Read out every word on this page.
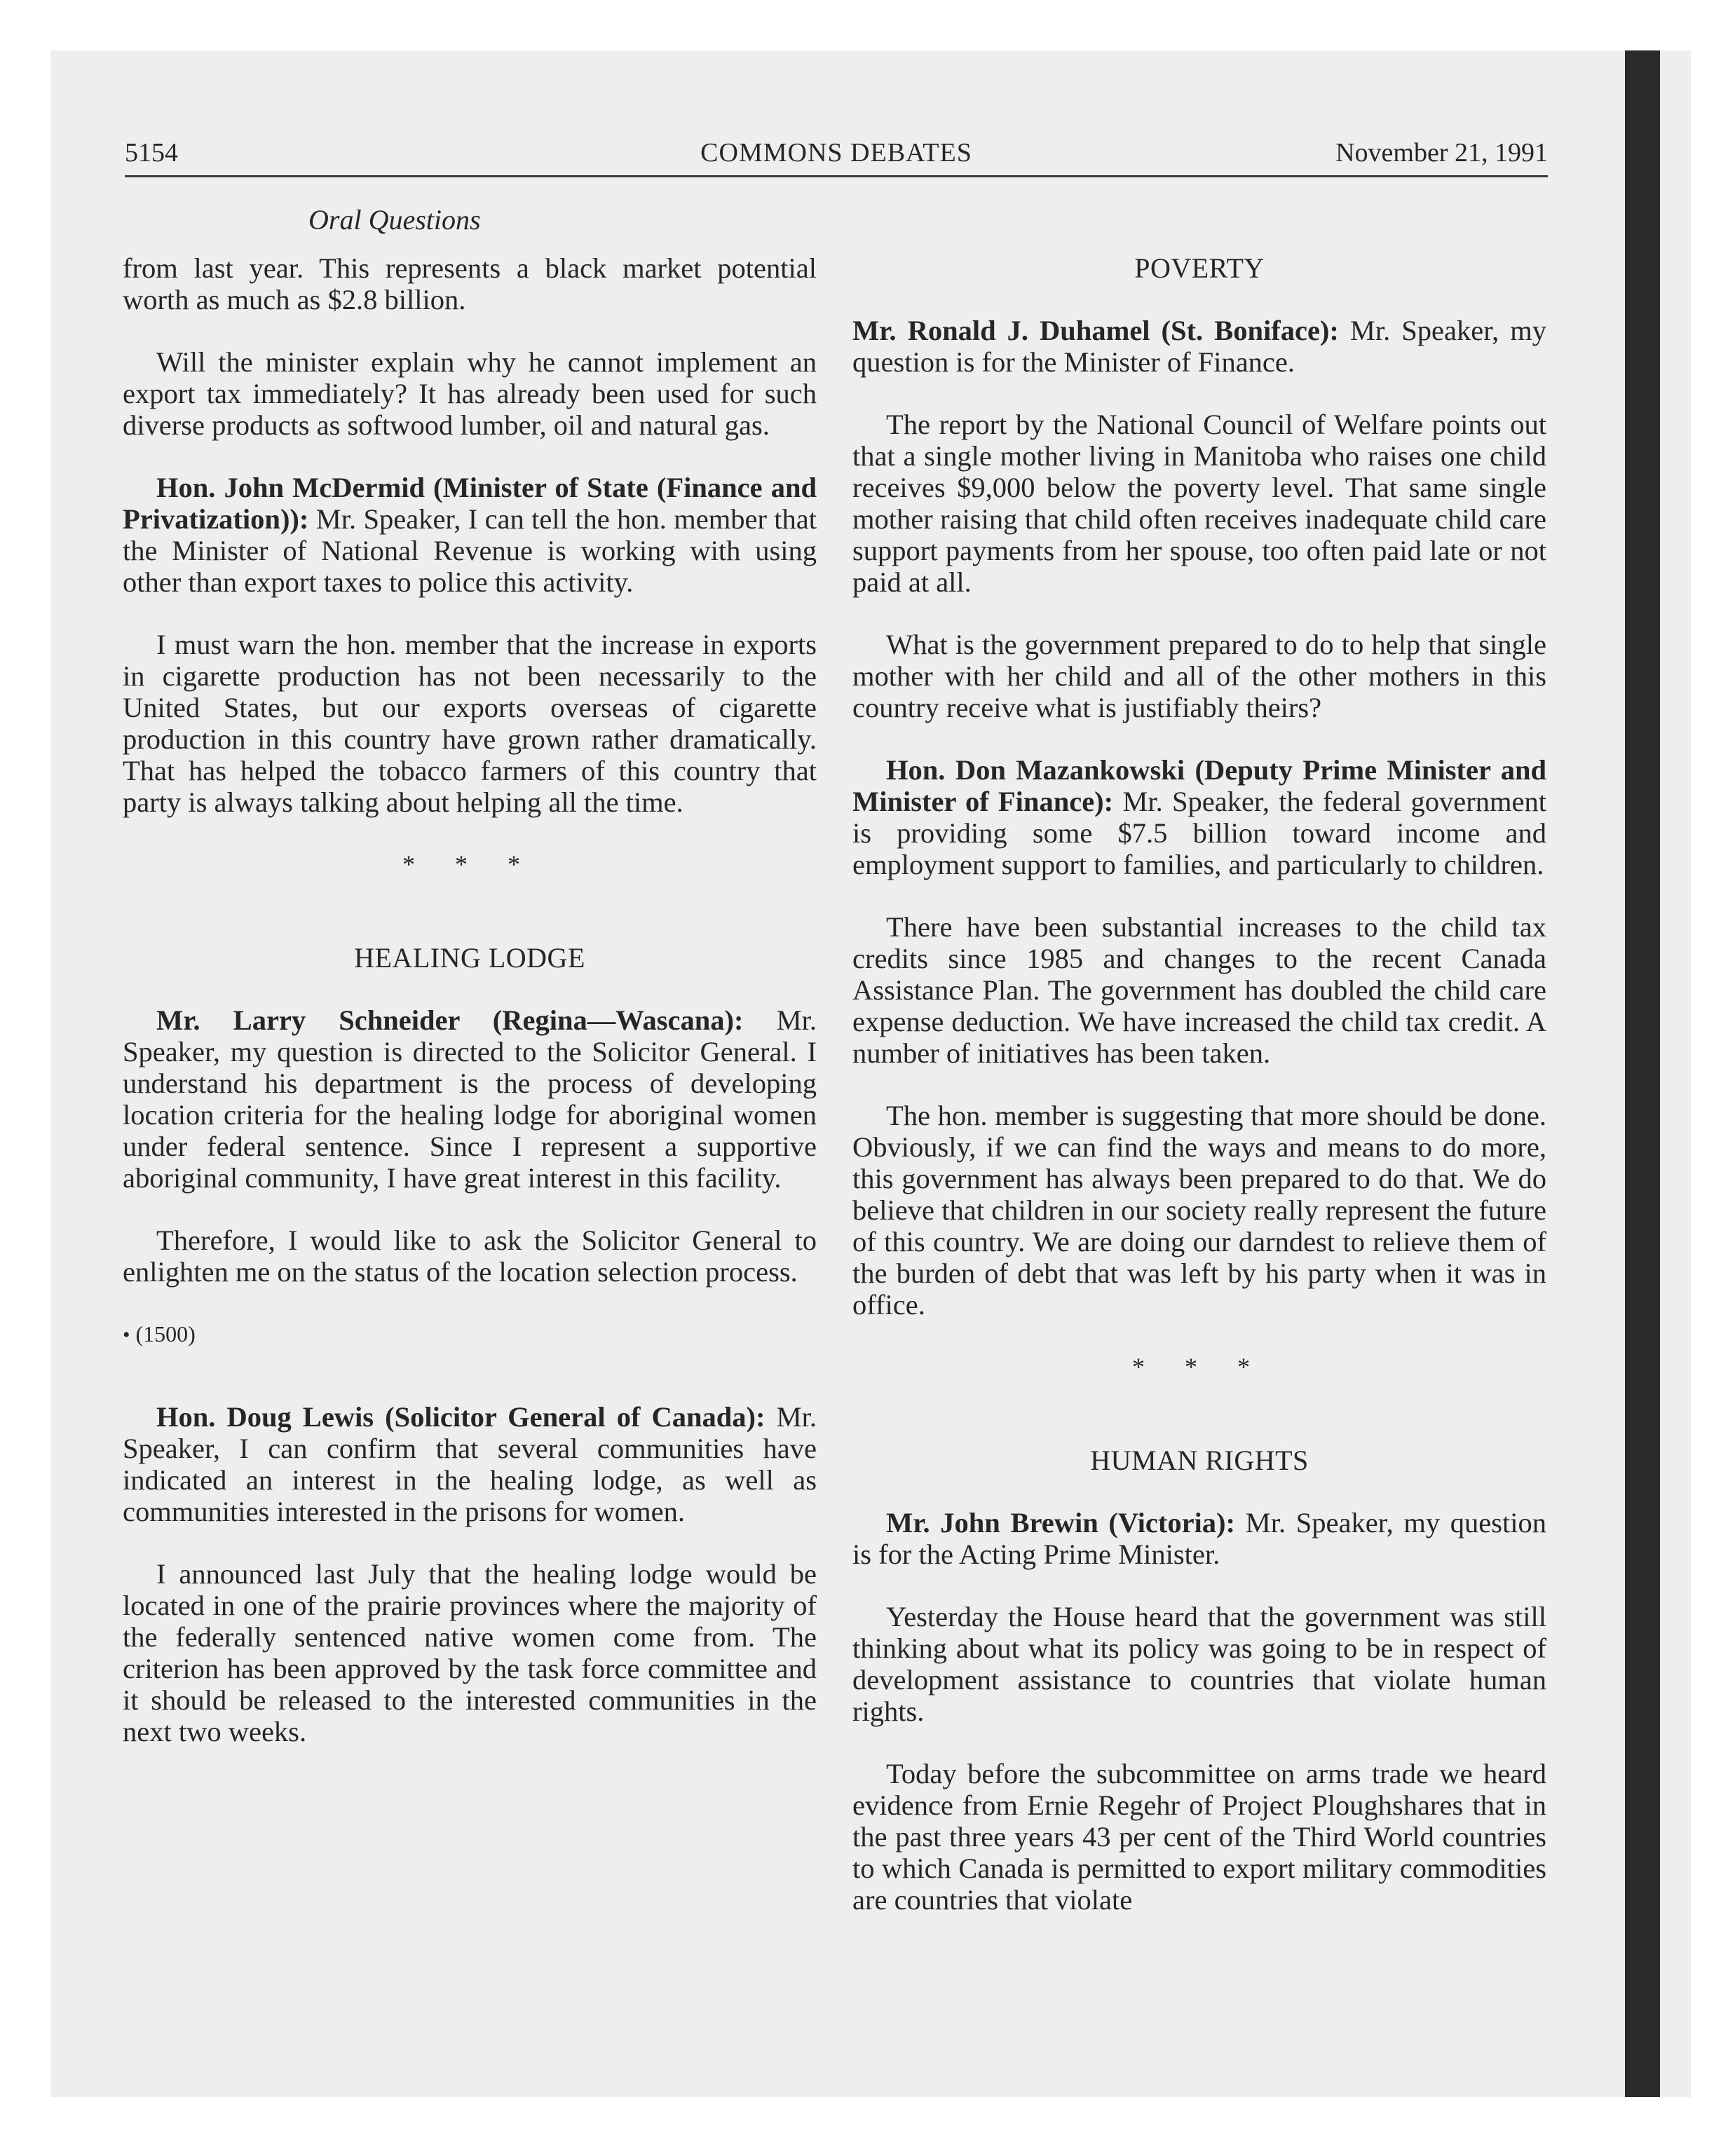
5154	COMMONS DEBATES	November 21, 1991
Oral Questions

from last year. This represents a black market potential worth as much as $2.8 billion.

Will the minister explain why he cannot implement an export tax immediately? It has already been used for such diverse products as softwood lumber, oil and natural gas.

Hon. John McDermid (Minister of State (Finance and Privatization)): Mr. Speaker, I can tell the hon. member that the Minister of National Revenue is working with using other than export taxes to police this activity.

I must warn the hon. member that the increase in exports in cigarette production has not been necessarily to the United States, but our exports overseas of cigarette production in this country have grown rather dramatically. That has helped the tobacco farmers of this country that party is always talking about helping all the time.

* * *
HEALING LODGE

Mr. Larry Schneider (Regina—Wascana): Mr. Speaker, my question is directed to the Solicitor General. I understand his department is the process of developing location criteria for the healing lodge for aboriginal women under federal sentence. Since I represent a supportive aboriginal community, I have great interest in this facility.

Therefore, I would like to ask the Solicitor General to enlighten me on the status of the location selection process.

• (1500)

Hon. Doug Lewis (Solicitor General of Canada): Mr. Speaker, I can confirm that several communities have indicated an interest in the healing lodge, as well as communities interested in the prisons for women.

I announced last July that the healing lodge would be located in one of the prairie provinces where the majority of the federally sentenced native women come from. The criterion has been approved by the task force committee and it should be released to the interested communities in the next two weeks.

POVERTY

Mr. Ronald J. Duhamel (St. Boniface): Mr. Speaker, my question is for the Minister of Finance.

The report by the National Council of Welfare points out that a single mother living in Manitoba who raises one child receives $9,000 below the poverty level. That same single mother raising that child often receives inadequate child care support payments from her spouse, too often paid late or not paid at all.

What is the government prepared to do to help that single mother with her child and all of the other mothers in this country receive what is justifiably theirs?

Hon. Don Mazankowski (Deputy Prime Minister and Minister of Finance): Mr. Speaker, the federal government is providing some $7.5 billion toward income and employment support to families, and particularly to children.

There have been substantial increases to the child tax credits since 1985 and changes to the recent Canada Assistance Plan. The government has doubled the child care expense deduction. We have increased the child tax credit. A number of initiatives has been taken.

The hon. member is suggesting that more should be done. Obviously, if we can find the ways and means to do more, this government has always been prepared to do that. We do believe that children in our society really represent the future of this country. We are doing our darndest to relieve them of the burden of debt that was left by his party when it was in office.

* * *
HUMAN RIGHTS

Mr. John Brewin (Victoria): Mr. Speaker, my question is for the Acting Prime Minister.

Yesterday the House heard that the government was still thinking about what its policy was going to be in respect of development assistance to countries that violate human rights.

Today before the subcommittee on arms trade we heard evidence from Ernie Regehr of Project Ploughshares that in the past three years 43 per cent of the Third World countries to which Canada is permitted to export military commodities are countries that violate
